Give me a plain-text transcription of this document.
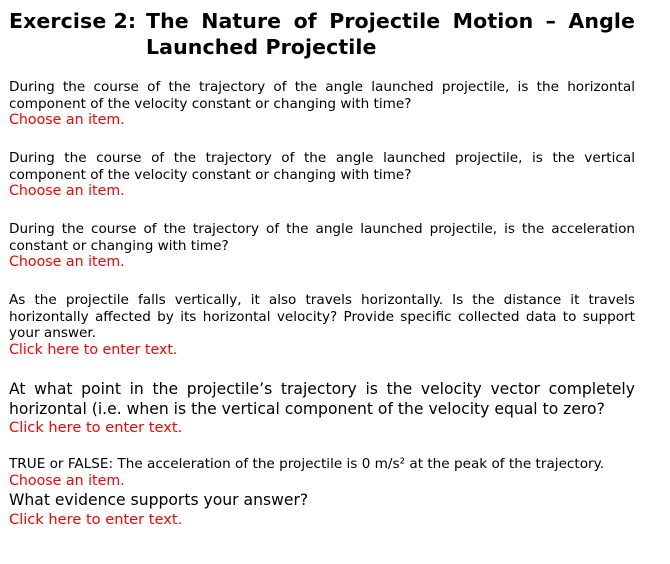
Exercise 2: The Nature of Projectile Motion – Angle Launched Projectile

During the course of the trajectory of the angle launched projectile, is the horizontal component of the velocity constant or changing with time?

Choose an item.

During the course of the trajectory of the angle launched projectile, is the vertical component of the velocity constant or changing with time?

Choose an item.

During the course of the trajectory of the angle launched projectile, is the acceleration constant or changing with time?

Choose an item.

As the projectile falls vertically, it also travels horizontally. Is the distance it travels horizontally affected by its horizontal velocity? Provide specific collected data to support your answer.

Click here to enter text.

At what point in the projectile’s trajectory is the velocity vector completely horizontal (i.e. when is the vertical component of the velocity equal to zero?

Click here to enter text.

TRUE or FALSE: The acceleration of the projectile is 0 m/s² at the peak of the trajectory.

Choose an item.

What evidence supports your answer?

Click here to enter text.
